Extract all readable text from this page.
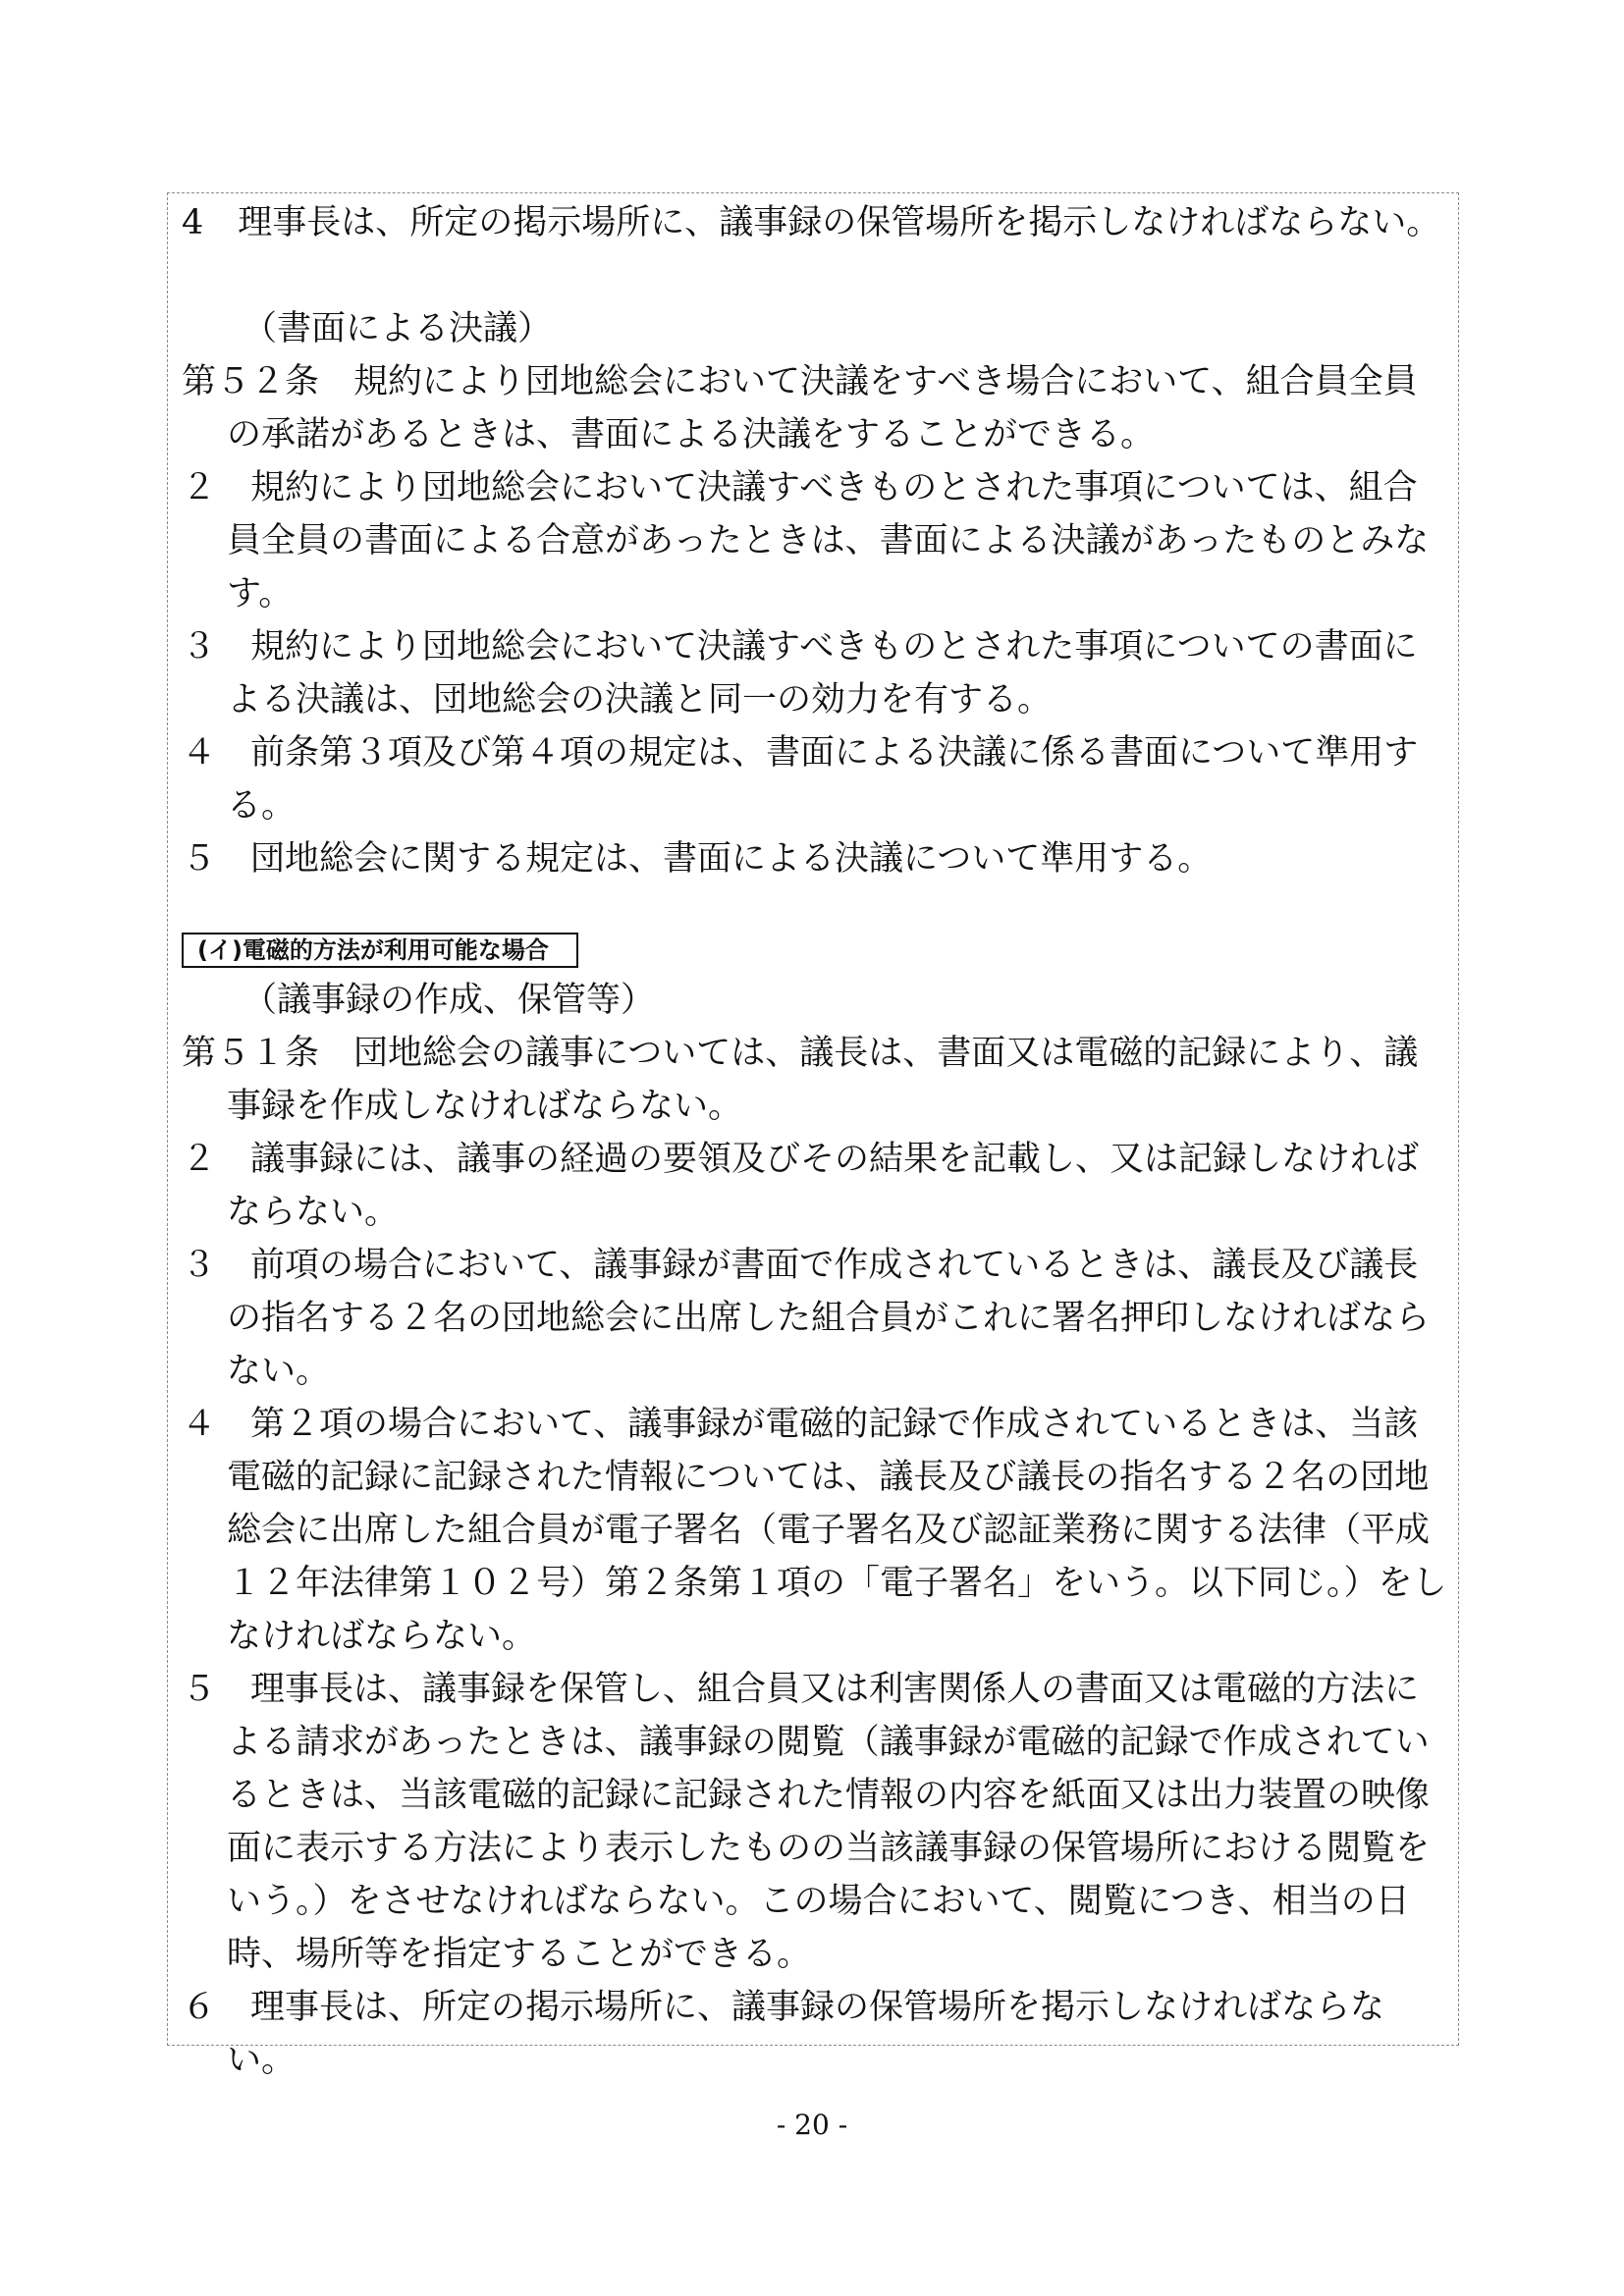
4　理事長は、所定の掲示場所に、議事録の保管場所を掲示しなければならない。
（書面による決議）
第５２条　規約により団地総会において決議をすべき場合において、組合員全員の承諾があるときは、書面による決議をすることができる。
２　規約により団地総会において決議すべきものとされた事項については、組合員全員の書面による合意があったときは、書面による決議があったものとみなす。
３　規約により団地総会において決議すべきものとされた事項についての書面による決議は、団地総会の決議と同一の効力を有する。
４　前条第３項及び第４項の規定は、書面による決議に係る書面について準用する。
５　団地総会に関する規定は、書面による決議について準用する。
(イ)電磁的方法が利用可能な場合
（議事録の作成、保管等）
第５１条　団地総会の議事については、議長は、書面又は電磁的記録により、議事録を作成しなければならない。
２　議事録には、議事の経過の要領及びその結果を記載し、又は記録しなければならない。
３　前項の場合において、議事録が書面で作成されているときは、議長及び議長の指名する２名の団地総会に出席した組合員がこれに署名押印しなければならない。
４　第２項の場合において、議事録が電磁的記録で作成されているときは、当該電磁的記録に記録された情報については、議長及び議長の指名する２名の団地総会に出席した組合員が電子署名（電子署名及び認証業務に関する法律（平成１２年法律第１０２号）第２条第１項の「電子署名」をいう。以下同じ。）をしなければならない。
５　理事長は、議事録を保管し、組合員又は利害関係人の書面又は電磁的方法による請求があったときは、議事録の閲覧（議事録が電磁的記録で作成されているときは、当該電磁的記録に記録された情報の内容を紙面又は出力装置の映像面に表示する方法により表示したものの当該議事録の保管場所における閲覧をいう。）をさせなければならない。この場合において、閲覧につき、相当の日時、場所等を指定することができる。
６　理事長は、所定の掲示場所に、議事録の保管場所を掲示しなければならない。
- 20 -
